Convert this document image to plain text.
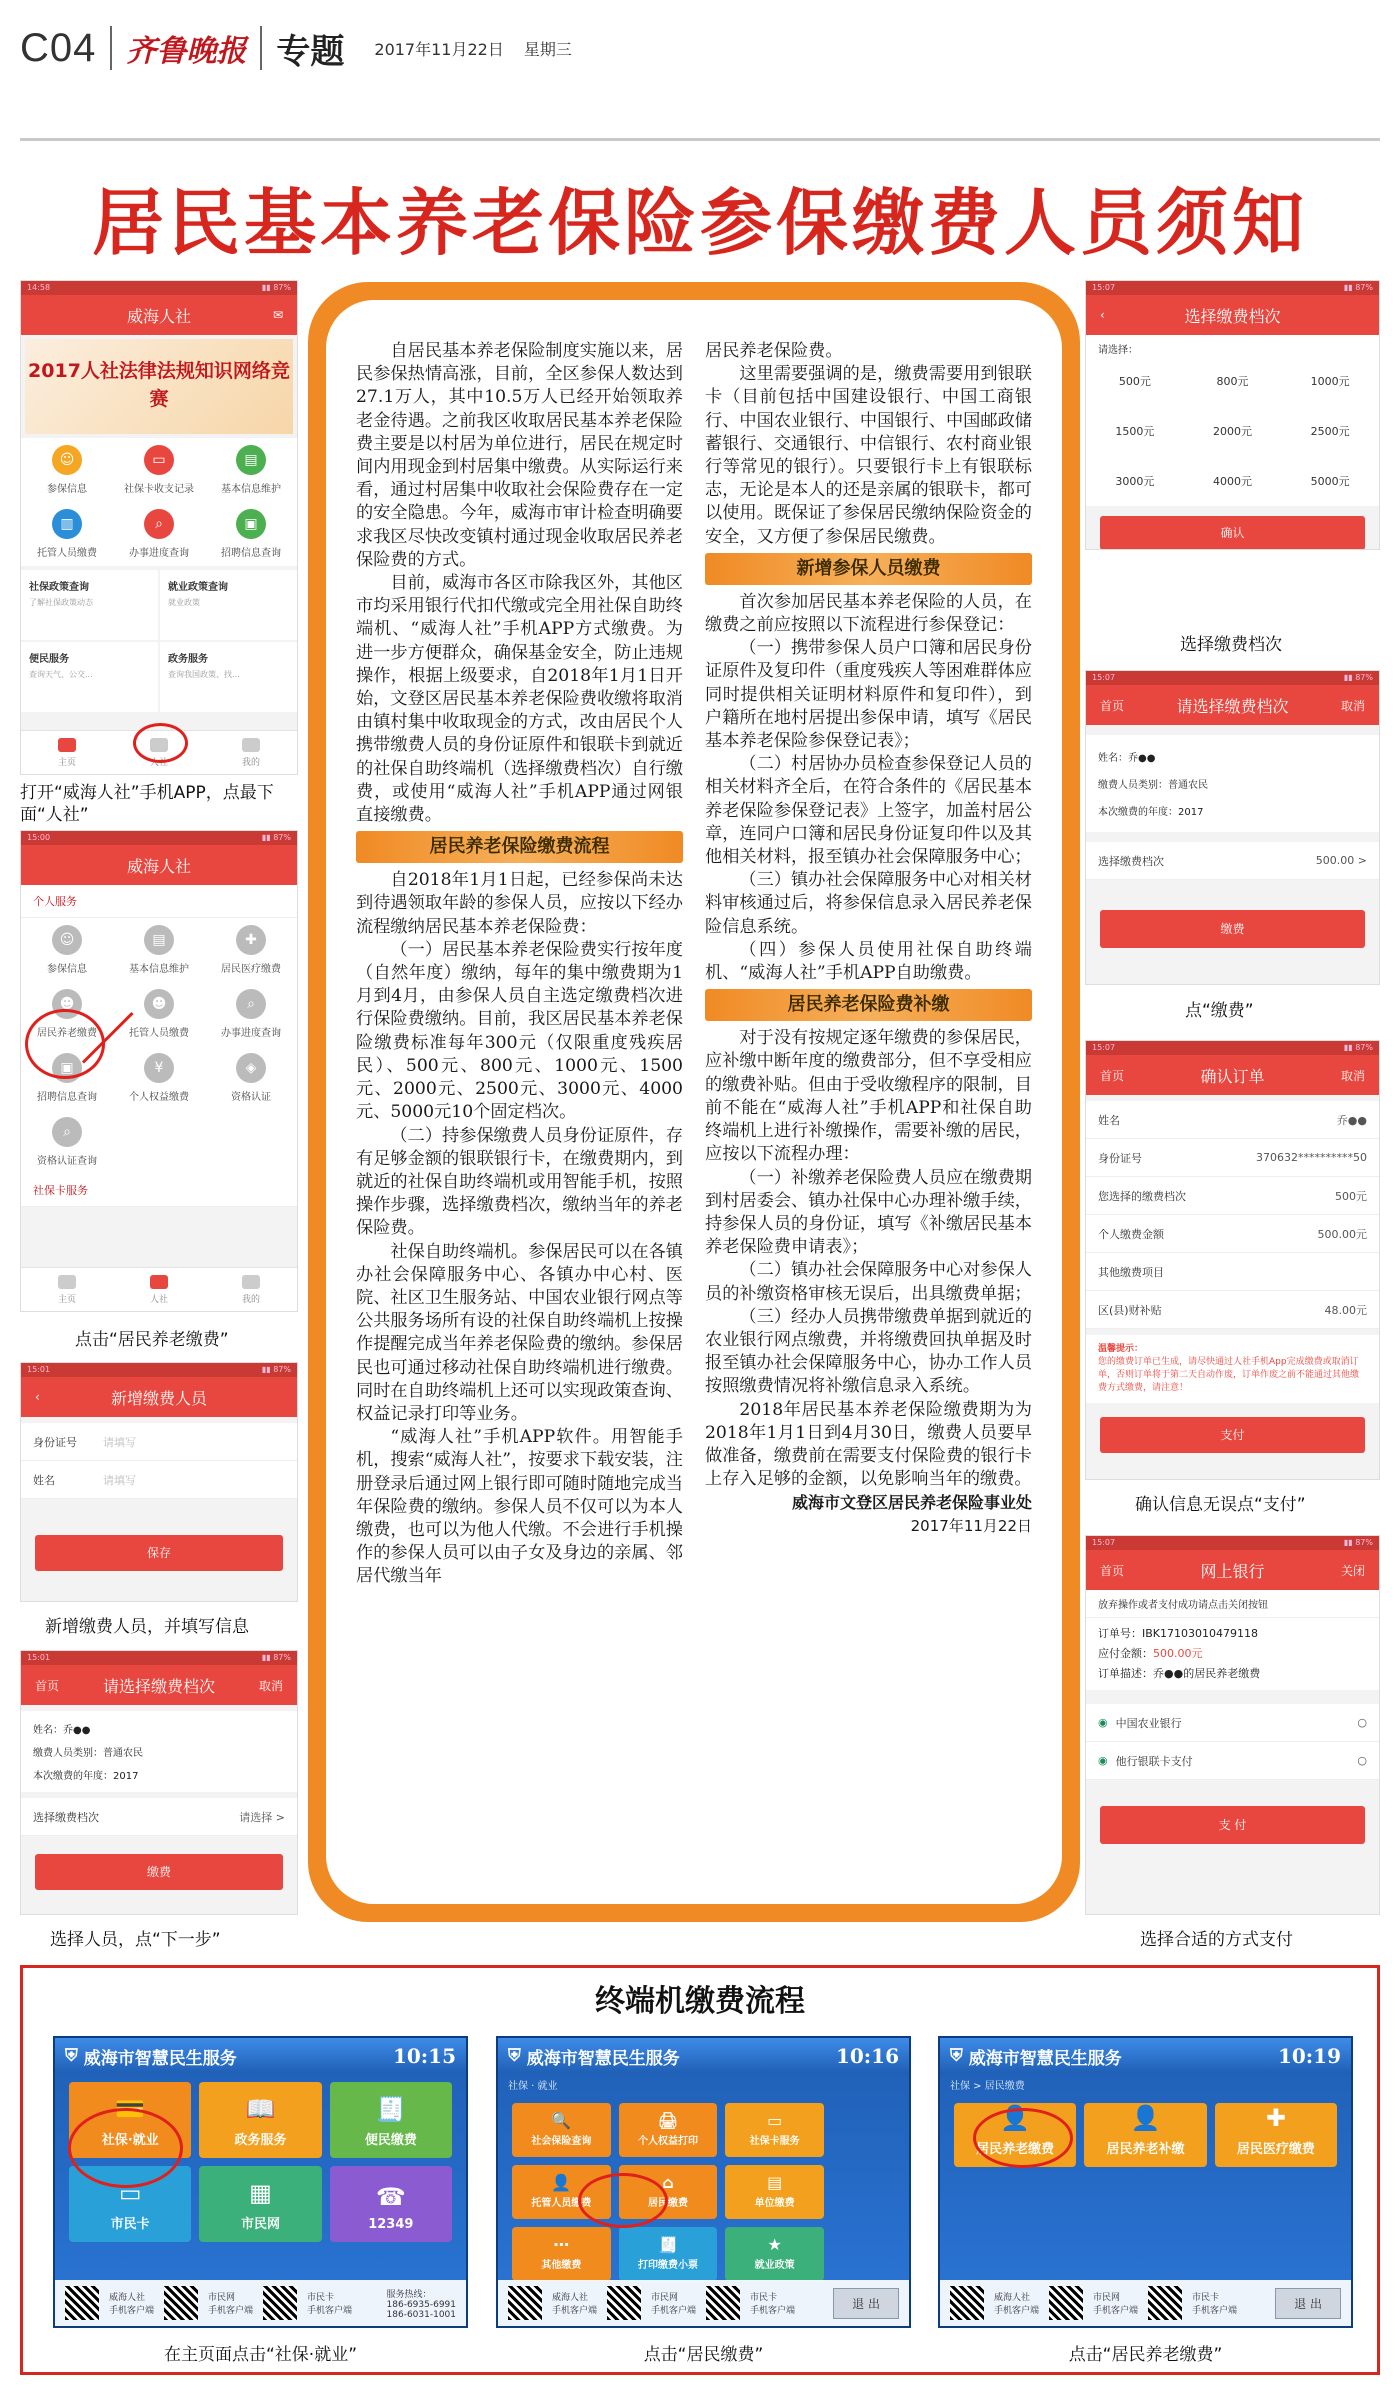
C04 齐鲁晚报 专题 2017年11月22日 星期三
居民基本养老保险参保缴费人员须知
14:58	▮▮ 87%
威海人社	✉
2017人社法律法规知识网络竞赛
☺
参保信息
▭
社保卡收支记录
▤
基本信息维护
▥
托管人员缴费
⌕
办事进度查询
▣
招聘信息查询
社保政策查询
了解社保政策动态
就业政策查询
就业政策
便民服务
查询天气、公交...
政务服务
查询我国政策、找...
主页	人社	我的
打开“威海人社”手机APP，点最下面“人社”
15:00	▮▮ 87%
威海人社
个人服务
☺
参保信息
▤
基本信息维护
✚
居民医疗缴费
☻
居民养老缴费
☻
托管人员缴费
⌕
办事进度查询
▣
招聘信息查询
¥
个人权益缴费
◈
资格认证
⌕
资格认证查询
社保卡服务
主页	人社	我的
点击“居民养老缴费”
15:01	▮▮ 87%
‹	新增缴费人员
身份证号	请填写
姓名	请填写
保存
新增缴费人员，并填写信息
15:01	▮▮ 87%
首页	请选择缴费档次	取消
姓名：乔●●
缴费人员类别：普通农民
本次缴费的年度：2017
选择缴费档次	请选择 >
缴费
选择人员，点“下一步”

自居民基本养老保险制度实施以来，居民参保热情高涨，目前，全区参保人数达到27.1万人，其中10.5万人已经开始领取养老金待遇。之前我区收取居民基本养老保险费主要是以村居为单位进行，居民在规定时间内用现金到村居集中缴费。从实际运行来看，通过村居集中收取社会保险费存在一定的安全隐患。今年，威海市审计检查明确要求我区尽快改变镇村通过现金收取居民养老保险费的方式。

目前，威海市各区市除我区外，其他区市均采用银行代扣代缴或完全用社保自助终端机、“威海人社”手机APP方式缴费。为进一步方便群众，确保基金安全，防止违规操作，根据上级要求，自2018年1月1日开始，文登区居民基本养老保险费收缴将取消由镇村集中收取现金的方式，改由居民个人携带缴费人员的身份证原件和银联卡到就近的社保自助终端机（选择缴费档次）自行缴费，或使用“威海人社”手机APP通过网银直接缴费。

居民养老保险缴费流程

自2018年1月1日起，已经参保尚未达到待遇领取年龄的参保人员，应按以下经办流程缴纳居民基本养老保险费：

（一）居民基本养老保险费实行按年度（自然年度）缴纳，每年的集中缴费期为1月到4月，由参保人员自主选定缴费档次进行保险费缴纳。目前，我区居民基本养老保险缴费标准每年300元（仅限重度残疾居民）、500元、800元、1000元、1500元、2000元、2500元、3000元、4000元、5000元10个固定档次。

（二）持参保缴费人员身份证原件，存有足够金额的银联银行卡，在缴费期内，到就近的社保自助终端机或用智能手机，按照操作步骤，选择缴费档次，缴纳当年的养老保险费。

社保自助终端机。参保居民可以在各镇办社会保障服务中心、各镇办中心村、医院、社区卫生服务站、中国农业银行网点等公共服务场所有设的社保自助终端机上按操作提醒完成当年养老保险费的缴纳。参保居民也可通过移动社保自助终端机进行缴费。同时在自助终端机上还可以实现政策查询、权益记录打印等业务。

“威海人社”手机APP软件。用智能手机，搜索“威海人社”，按要求下载安装，注册登录后通过网上银行即可随时随地完成当年保险费的缴纳。参保人员不仅可以为本人缴费，也可以为他人代缴。不会进行手机操作的参保人员可以由子女及身边的亲属、邻居代缴当年

居民养老保险费。

这里需要强调的是，缴费需要用到银联卡（目前包括中国建设银行、中国工商银行、中国农业银行、中国银行、中国邮政储蓄银行、交通银行、中信银行、农村商业银行等常见的银行）。只要银行卡上有银联标志，无论是本人的还是亲属的银联卡，都可以使用。既保证了参保居民缴纳保险资金的安全，又方便了参保居民缴费。

新增参保人员缴费

首次参加居民基本养老保险的人员，在缴费之前应按照以下流程进行参保登记：

（一）携带参保人员户口簿和居民身份证原件及复印件（重度残疾人等困难群体应同时提供相关证明材料原件和复印件），到户籍所在地村居提出参保申请，填写《居民基本养老保险参保登记表》；

（二）村居协办员检查参保登记人员的相关材料齐全后，在符合条件的《居民基本养老保险参保登记表》上签字，加盖村居公章，连同户口簿和居民身份证复印件以及其他相关材料，报至镇办社会保障服务中心；

（三）镇办社会保障服务中心对相关材料审核通过后，将参保信息录入居民养老保险信息系统。

（四）参保人员使用社保自助终端机、“威海人社”手机APP自助缴费。

居民养老保险费补缴

对于没有按规定逐年缴费的参保居民，应补缴中断年度的缴费部分，但不享受相应的缴费补贴。但由于受收缴程序的限制，目前不能在“威海人社”手机APP和社保自助终端机上进行补缴操作，需要补缴的居民，应按以下流程办理：

（一）补缴养老保险费人员应在缴费期到村居委会、镇办社保中心办理补缴手续，持参保人员的身份证，填写《补缴居民基本养老保险费申请表》；

（二）镇办社会保障服务中心对参保人员的补缴资格审核无误后，出具缴费单据；

（三）经办人员携带缴费单据到就近的农业银行网点缴费，并将缴费回执单据及时报至镇办社会保障服务中心，协办工作人员按照缴费情况将补缴信息录入系统。

2018年居民基本养老保险缴费期为为2018年1月1日到4月30日，缴费人员要早做准备，缴费前在需要支付保险费的银行卡上存入足够的金额，以免影响当年的缴费。

威海市文登区居民养老保险事业处

2017年11月22日

15:07	▮▮ 87%
‹	选择缴费档次
请选择：
500元	800元	1000元
1500元	2000元	2500元
3000元	4000元	5000元
确认
选择缴费档次
15:07	▮▮ 87%
首页	请选择缴费档次	取消
姓名：乔●●
缴费人员类别：普通农民
本次缴费的年度：2017
选择缴费档次	500.00 >
缴费
点“缴费”
15:07	▮▮ 87%
首页	确认订单	取消
姓名	乔●●
身份证号	370632**********50
您选择的缴费档次	500元
个人缴费金额	500.00元
其他缴费项目
区(县)财补贴	48.00元
温馨提示：
您的缴费订单已生成，请尽快通过人社手机App完成缴费或取消订单，否则订单将于第二天自动作废，订单作废之前不能通过其他缴费方式缴费，请注意！
支付
确认信息无误点“支付”
15:07	▮▮ 87%
首页	网上银行	关闭
放弃操作或者支付成功请点击关闭按钮
订单号：IBK17103010479118
应付金额：500.00元
订单描述：乔●●的居民养老缴费
◉ 中国农业银行	○
◉ 他行银联卡支付	○
支 付
选择合适的方式支付
终端机缴费流程
⛨ 威海市智慧民生服务	10:15
💳
社保·就业
📖
政务服务
🧾
便民缴费
▭
市民卡
▦
市民网
☎
12349
威海人社
手机客户端
市民网
手机客户端
市民卡
手机客户端
服务热线：
186-6935-6991
186-6031-1001
在主页面点击“社保·就业”
⛨ 威海市智慧民生服务	10:16
社保 · 就业
🔍
社会保险查询
🖨
个人权益打印
▭
社保卡服务
👤
托管人员缴费
⌂
居民缴费
▤
单位缴费
⋯
其他缴费
🧾
打印缴费小票
★
就业政策
威海人社
手机客户端
市民网
手机客户端
市民卡
手机客户端
退 出
点击“居民缴费”
⛨ 威海市智慧民生服务	10:19
社保 > 居民缴费
👤
居民养老缴费
👤
居民养老补缴
✚
居民医疗缴费
威海人社
手机客户端
市民网
手机客户端
市民卡
手机客户端
退 出
点击“居民养老缴费”
